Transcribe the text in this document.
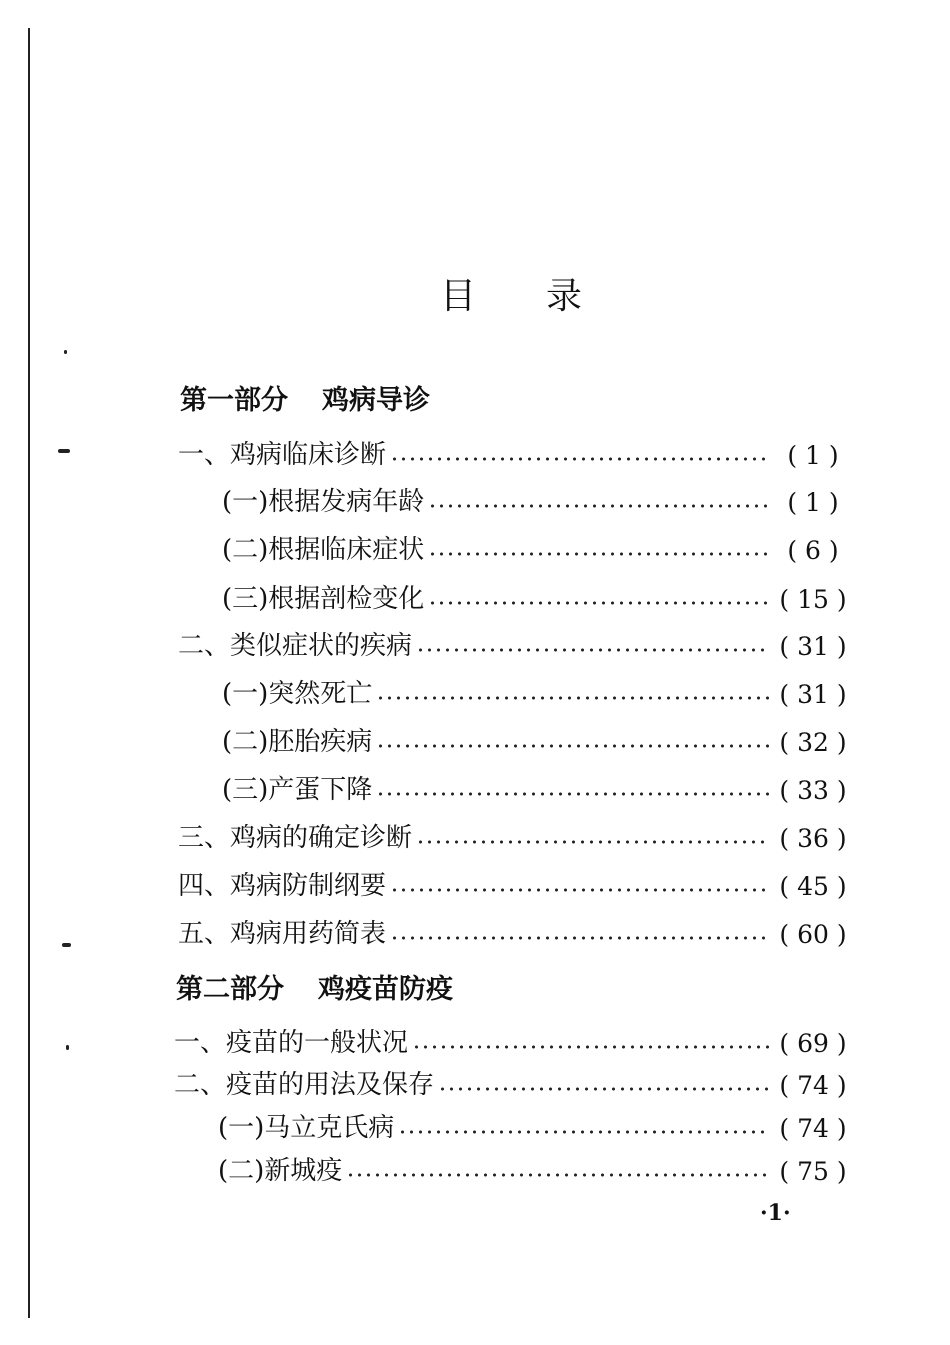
目 录
第一部分 鸡病导诊
一、鸡病临床诊断	( 1 )
(一)根据发病年龄	( 1 )
(二)根据临床症状	( 6 )
(三)根据剖检变化	( 15 )
二、类似症状的疾病	( 31 )
(一)突然死亡	( 31 )
(二)胚胎疾病	( 32 )
(三)产蛋下降	( 33 )
三、鸡病的确定诊断	( 36 )
四、鸡病防制纲要	( 45 )
五、鸡病用药简表	( 60 )
第二部分 鸡疫苗防疫
一、疫苗的一般状况	( 69 )
二、疫苗的用法及保存	( 74 )
(一)马立克氏病	( 74 )
(二)新城疫	( 75 )
·1·
